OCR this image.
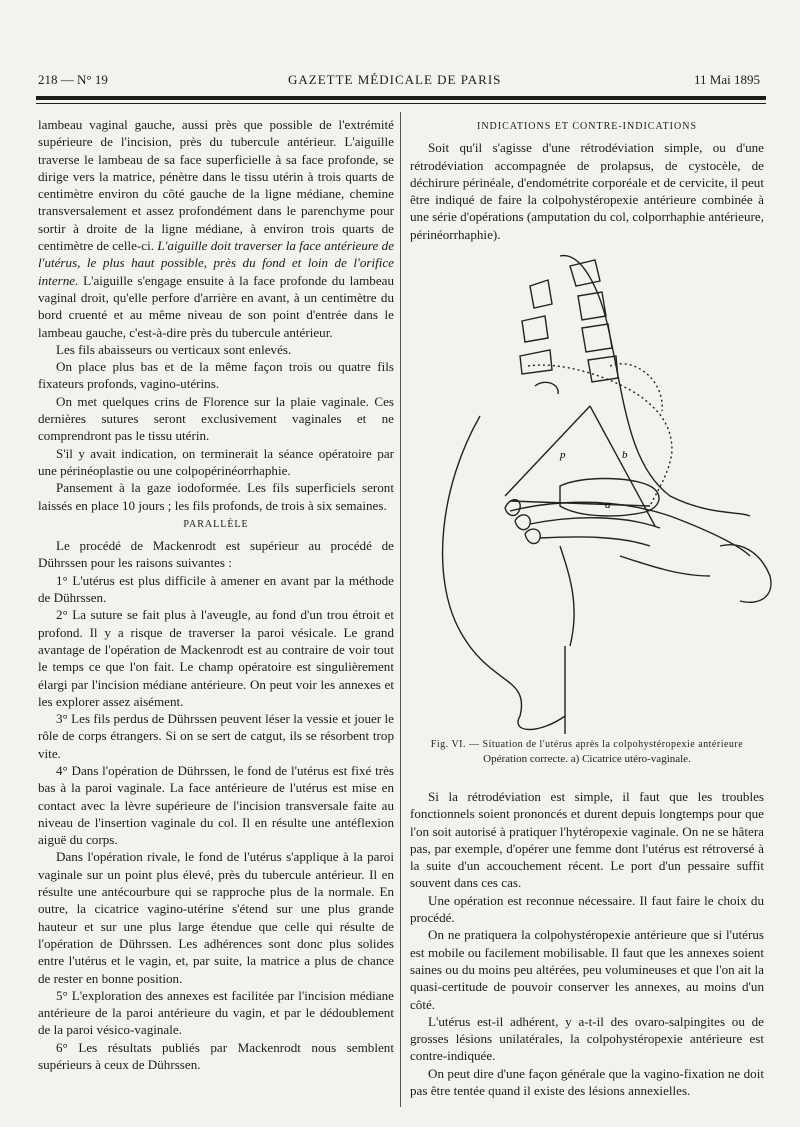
218 — N° 19	GAZETTE MÉDICALE DE PARIS	11 Mai 1895

lambeau vaginal gauche, aussi près que possible de l'extrémité supérieure de l'incision, près du tubercule antérieur. L'aiguille traverse le lambeau de sa face superficielle à sa face profonde, se dirige vers la matrice, pénètre dans le tissu utérin à trois quarts de centimètre environ du côté gauche de la ligne médiane, chemine transversalement et assez profondément dans le parenchyme pour sortir à droite de la ligne médiane, à environ trois quarts de centimètre de celle-ci. L'aiguille doit traverser la face antérieure de l'utérus, le plus haut possible, près du fond et loin de l'orifice interne. L'aiguille s'engage ensuite à la face profonde du lambeau vaginal droit, qu'elle perfore d'arrière en avant, à un centimètre du bord cruenté et au même niveau de son point d'entrée dans le lambeau gauche, c'est-à-dire près du tubercule antérieur.

Les fils abaisseurs ou verticaux sont enlevés.

On place plus bas et de la même façon trois ou quatre fils fixateurs profonds, vagino-utérins.

On met quelques crins de Florence sur la plaie vaginale. Ces dernières sutures seront exclusivement vaginales et ne comprendront pas le tissu utérin.

S'il y avait indication, on terminerait la séance opératoire par une périnéoplastie ou une colpopérinéorrhaphie.

Pansement à la gaze iodoformée. Les fils superficiels seront laissés en place 10 jours ; les fils profonds, de trois à six semaines.

PARALLÈLE

Le procédé de Mackenrodt est supérieur au procédé de Dührssen pour les raisons suivantes :

1° L'utérus est plus difficile à amener en avant par la méthode de Dührssen.

2° La suture se fait plus à l'aveugle, au fond d'un trou étroit et profond. Il y a risque de traverser la paroi vésicale. Le grand avantage de l'opération de Mackenrodt est au contraire de voir tout le temps ce que l'on fait. Le champ opératoire est singulièrement élargi par l'incision médiane antérieure. On peut voir les annexes et les explorer assez aisément.

3° Les fils perdus de Dührssen peuvent léser la vessie et jouer le rôle de corps étrangers. Si on se sert de catgut, ils se résorbent trop vite.

4° Dans l'opération de Dührssen, le fond de l'utérus est fixé très bas à la paroi vaginale. La face antérieure de l'utérus est mise en contact avec la lèvre supérieure de l'incision transversale faite au niveau de l'insertion vaginale du col. Il en résulte une antéflexion aiguë du corps.

Dans l'opération rivale, le fond de l'utérus s'applique à la paroi vaginale sur un point plus élevé, près du tubercule antérieur. Il en résulte une antécourbure qui se rapproche plus de la normale. En outre, la cicatrice vagino-utérine s'étend sur une plus grande hauteur et sur une plus large étendue que celle qui résulte de l'opération de Dührssen. Les adhérences sont donc plus solides entre l'utérus et le vagin, et, par suite, la matrice a plus de chance de rester en bonne position.

5° L'exploration des annexes est facilitée par l'incision médiane antérieure de la paroi antérieure du vagin, et par le dédoublement de la paroi vésico-vaginale.

6° Les résultats publiés par Mackenrodt nous semblent supérieurs à ceux de Dührssen.

INDICATIONS ET CONTRE-INDICATIONS

Soit qu'il s'agisse d'une rétrodéviation simple, ou d'une rétrodéviation accompagnée de prolapsus, de cystocèle, de déchirure périnéale, d'endométrite corporéale et de cervicite, il peut être indiqué de faire la colpohystéropexie antérieure combinée à une série d'opérations (amputation du col, colporrhaphie antérieure, périnéorrhaphie).

p	b
a
Fig. VI. — Situation de l'utérus après la colpohystéropexie antérieure
Opération correcte. a) Cicatrice utéro-vaginale.

Si la rétrodéviation est simple, il faut que les troubles fonctionnels soient prononcés et durent depuis longtemps pour que l'on soit autorisé à pratiquer l'hytéropexie vaginale. On ne se hâtera pas, par exemple, d'opérer une femme dont l'utérus est rétroversé à la suite d'un accouchement récent. Le port d'un pessaire suffit souvent dans ces cas.

Une opération est reconnue nécessaire. Il faut faire le choix du procédé.

On ne pratiquera la colpohystéropexie antérieure que si l'utérus est mobile ou facilement mobilisable. Il faut que les annexes soient saines ou du moins peu altérées, peu volumineuses et que l'on ait la quasi-certitude de pouvoir conserver les annexes, au moins d'un côté.

L'utérus est-il adhérent, y a-t-il des ovaro-salpingites ou de grosses lésions unilatérales, la colpohystéropexie antérieure est contre-indiquée.

On peut dire d'une façon générale que la vagino-fixation ne doit pas être tentée quand il existe des lésions annexielles.
